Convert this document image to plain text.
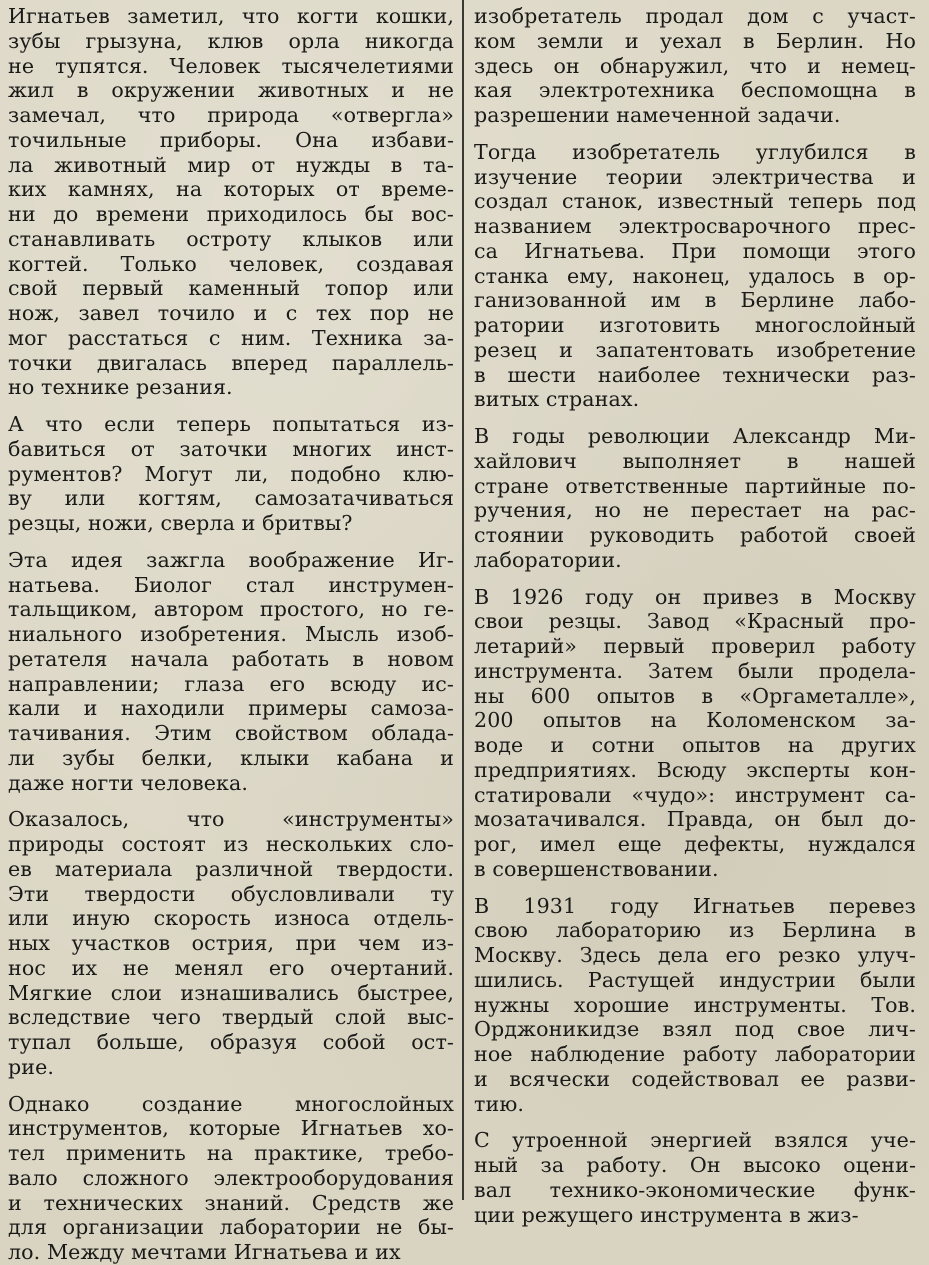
Игнатьев заметил, что когти кошки,
зубы грызуна, клюв орла никогда
не тупятся. Человек тысячелетиями
жил в окружении животных и не
замечал, что природа «отвергла»
точильные приборы. Она избави-
ла животный мир от нужды в та-
ких камнях, на которых от време-
ни до времени приходилось бы вос-
станавливать остроту клыков или
когтей. Только человек, создавая
свой первый каменный топор или
нож, завел точило и с тех пор не
мог расстаться с ним. Техника за-
точки двигалась вперед параллель-
но технике резания.
А что если теперь попытаться из-
бавиться от заточки многих инст-
рументов? Могут ли, подобно клю-
ву или когтям, самозатачиваться
резцы, ножи, сверла и бритвы?
Эта идея зажгла воображение Иг-
натьева. Биолог стал инструмен-
тальщиком, автором простого, но ге-
ниального изобретения. Мысль изоб-
ретателя начала работать в новом
направлении; глаза его всюду ис-
кали и находили примеры самоза-
тачивания. Этим свойством облада-
ли зубы белки, клыки кабана и
даже ногти человека.
Оказалось, что «инструменты»
природы состоят из нескольких сло-
ев материала различной твердости.
Эти твердости обусловливали ту
или иную скорость износа отдель-
ных участков острия, при чем из-
нос их не менял его очертаний.
Мягкие слои изнашивались быстрее,
вследствие чего твердый слой выс-
тупал больше, образуя собой ост-
рие.
Однако создание многослойных
инструментов, которые Игнатьев хо-
тел применить на практике, требо-
вало сложного электрооборудования
и технических знаний. Средств же
для организации лаборатории не бы-
ло. Между мечтами Игнатьева и их
изобретатель продал дом с участ-
ком земли и уехал в Берлин. Но
здесь он обнаружил, что и немец-
кая электротехника беспомощна в
разрешении намеченной задачи.
Тогда изобретатель углубился в
изучение теории электричества и
создал станок, известный теперь под
названием электросварочного прес-
са Игнатьева. При помощи этого
станка ему, наконец, удалось в ор-
ганизованной им в Берлине лабо-
ратории изготовить многослойный
резец и запатентовать изобретение
в шести наиболее технически раз-
витых странах.
В годы революции Александр Ми-
хайлович выполняет в нашей
стране ответственные партийные по-
ручения, но не перестает на рас-
стоянии руководить работой своей
лаборатории.
В 1926 году он привез в Москву
свои резцы. Завод «Красный про-
летарий» первый проверил работу
инструмента. Затем были продела-
ны 600 опытов в «Оргаметалле»,
200 опытов на Коломенском за-
воде и сотни опытов на других
предприятиях. Всюду эксперты кон-
статировали «чудо»: инструмент са-
мозатачивался. Правда, он был до-
рог, имел еще дефекты, нуждался
в совершенствовании.
В 1931 году Игнатьев перевез
свою лабораторию из Берлина в
Москву. Здесь дела его резко улуч-
шились. Растущей индустрии были
нужны хорошие инструменты. Тов.
Орджоникидзе взял под свое лич-
ное наблюдение работу лаборатории
и всячески содействовал ее разви-
тию.
С утроенной энергией взялся уче-
ный за работу. Он высоко оцени-
вал технико-экономические функ-
ции режущего инструмента в жиз-
